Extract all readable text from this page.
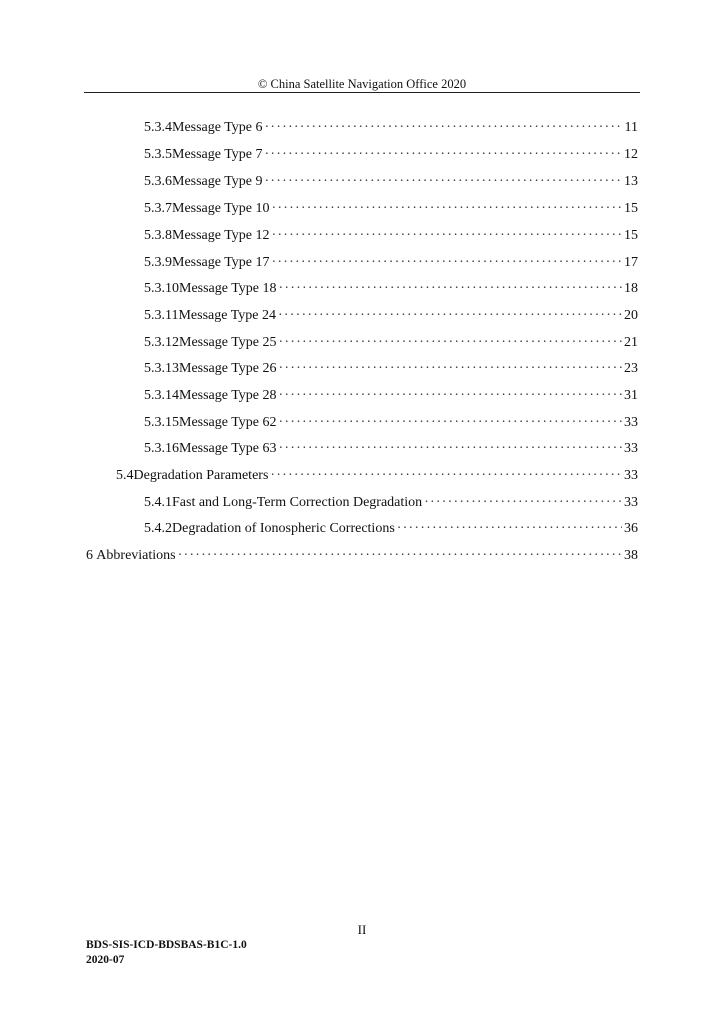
© China Satellite Navigation Office 2020
5.3.4 Message Type 6 ·····	11
5.3.5 Message Type 7 ·····	12
5.3.6 Message Type 9 ·····	13
5.3.7 Message Type 10 ·····	15
5.3.8 Message Type 12 ·····	15
5.3.9 Message Type 17 ·····	17
5.3.10 Message Type 18 ·····	18
5.3.11 Message Type 24 ·····	20
5.3.12 Message Type 25 ·····	21
5.3.13 Message Type 26 ·····	23
5.3.14 Message Type 28 ·····	31
5.3.15 Message Type 62 ·····	33
5.3.16 Message Type 63 ·····	33
5.4 Degradation Parameters ·····	33
5.4.1 Fast and Long-Term Correction Degradation ·····	33
5.4.2 Degradation of Ionospheric Corrections ·····	36
6 Abbreviations ·····	38
II
BDS-SIS-ICD-BDSBAS-B1C-1.0
2020-07
